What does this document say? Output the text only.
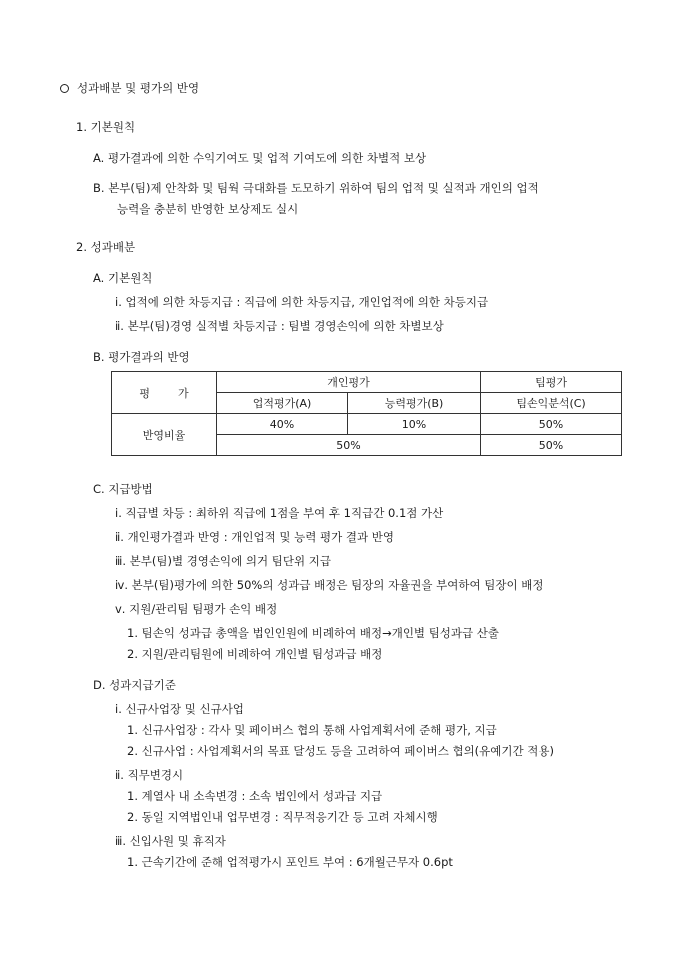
성과배분 및 평가의 반영
1. 기본원칙
A. 평가결과에 의한 수익기여도 및 업적 기여도에 의한 차별적 보상
B. 본부(팀)제 안착화 및 팀웍 극대화를 도모하기 위하여 팀의 업적 및 실적과 개인의 업적
능력을 충분히 반영한 보상제도 실시
2. 성과배분
A. 기본원칙
ⅰ. 업적에 의한 차등지급 : 직급에 의한 차등지급, 개인업적에 의한 차등지급
ⅱ. 본부(팀)경영 실적별 차등지급 : 팀별 경영손익에 의한 차별보상
B. 평가결과의 반영
평        가	개인평가		팀평가
	업적평가(A)	능력평가(B)	팀손익분석(C)
반영비율	40%	10%	50%
	50%		50%
C. 지급방법
ⅰ. 직급별 차등 : 최하위 직급에 1점을 부여 후 1직급간 0.1점 가산
ⅱ. 개인평가결과 반영 : 개인업적 및 능력 평가 결과 반영
ⅲ. 본부(팀)별 경영손익에 의거 팀단위 지급
ⅳ. 본부(팀)평가에 의한 50%의 성과급 배정은 팀장의 자율권을 부여하여 팀장이 배정
ⅴ. 지원/관리팀 팀평가 손익 배정
1. 팀손익 성과급 총액을 법인인원에 비례하여 배정→개인별 팀성과급 산출
2. 지원/관리팀원에 비례하여 개인별 팀성과급 배정
D. 성과지급기준
ⅰ. 신규사업장 및 신규사업
1. 신규사업장 : 각사 및 페이버스 협의 통해 사업계획서에 준해 평가, 지급
2. 신규사업 : 사업계획서의 목표 달성도 등을 고려하여 페이버스 협의(유예기간 적용)
ⅱ. 직무변경시
1. 계열사 내 소속변경 : 소속 법인에서 성과급 지급
2. 동일 지역법인내 업무변경 : 직무적응기간 등 고려 자체시행
ⅲ. 신입사원 및 휴직자
1. 근속기간에 준해 업적평가시 포인트 부여 : 6개월근무자 0.6pt
